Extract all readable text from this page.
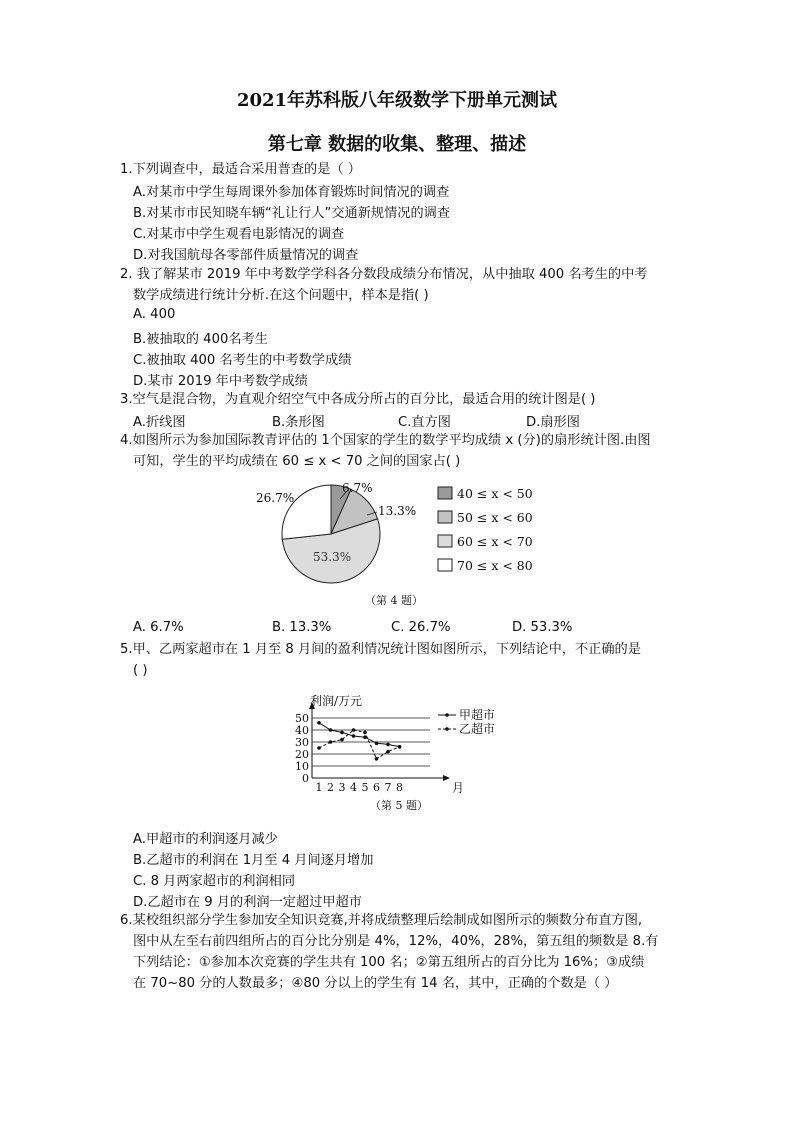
2021年苏科版八年级数学下册单元测试
第七章 数据的收集、整理、描述
1.下列调查中，最适合采用普查的是（ ）
A.对某市中学生每周课外参加体育锻炼时间情况的调查
B.对某市市民知晓车辆“礼让行人”交通新规情况的调查
C.对某市中学生观看电影情况的调查
D.对我国航母各零部件质量情况的调查
2. 我了解某市 2019 年中考数学学科各分数段成绩分布情况，从中抽取 400 名考生的中考
数学成绩进行统计分析.在这个问题中，样本是指( )
A. 400
B.被抽取的 400名考生
C.被抽取 400 名考生的中考数学成绩
D.某市 2019 年中考数学成绩
3.空气是混合物，为直观介绍空气中各成分所占的百分比，最适合用的统计图是( )
A.折线图	B.条形图	C.直方图	D.扇形图
4.如图所示为参加国际教青评估的 1个国家的学生的数学平均成绩 x (分)的扇形统计图.由图
可知，学生的平均成绩在 60 ≤ x < 70 之间的国家占( )
6.7%
13.3%
53.3%
26.7%	40 ≤ x < 50
50 ≤ x < 60
60 ≤ x < 70
70 ≤ x < 80
（第 4 题）
A. 6.7%	B. 13.3%	C. 26.7%	D. 53.3%
5.甲、乙两家超市在 1 月至 8 月间的盈利情况统计图如图所示，下列结论中，不正确的是
( )
0
10
20
30
40
50
1 2 3 4 5 6 7 8
甲超市
乙超市
利润/万元
月
（第 5 题）
A.甲超市的利润逐月减少
B.乙超市的利润在 1月至 4 月间逐月增加
C. 8 月两家超市的利润相同
D.乙超市在 9 月的利润一定超过甲超市
6.某校组织部分学生参加安全知识竞赛,并将成绩整理后绘制成如图所示的频数分布直方图,
图中从左至右前四组所占的百分比分别是 4%，12%，40%，28%，第五组的频数是 8.有
下列结论：①参加本次竞赛的学生共有 100 名；②第五组所占的百分比为 16%；③成绩
在 70~80 分的人数最多；④80 分以上的学生有 14 名，其中，正确的个数是（ ）
